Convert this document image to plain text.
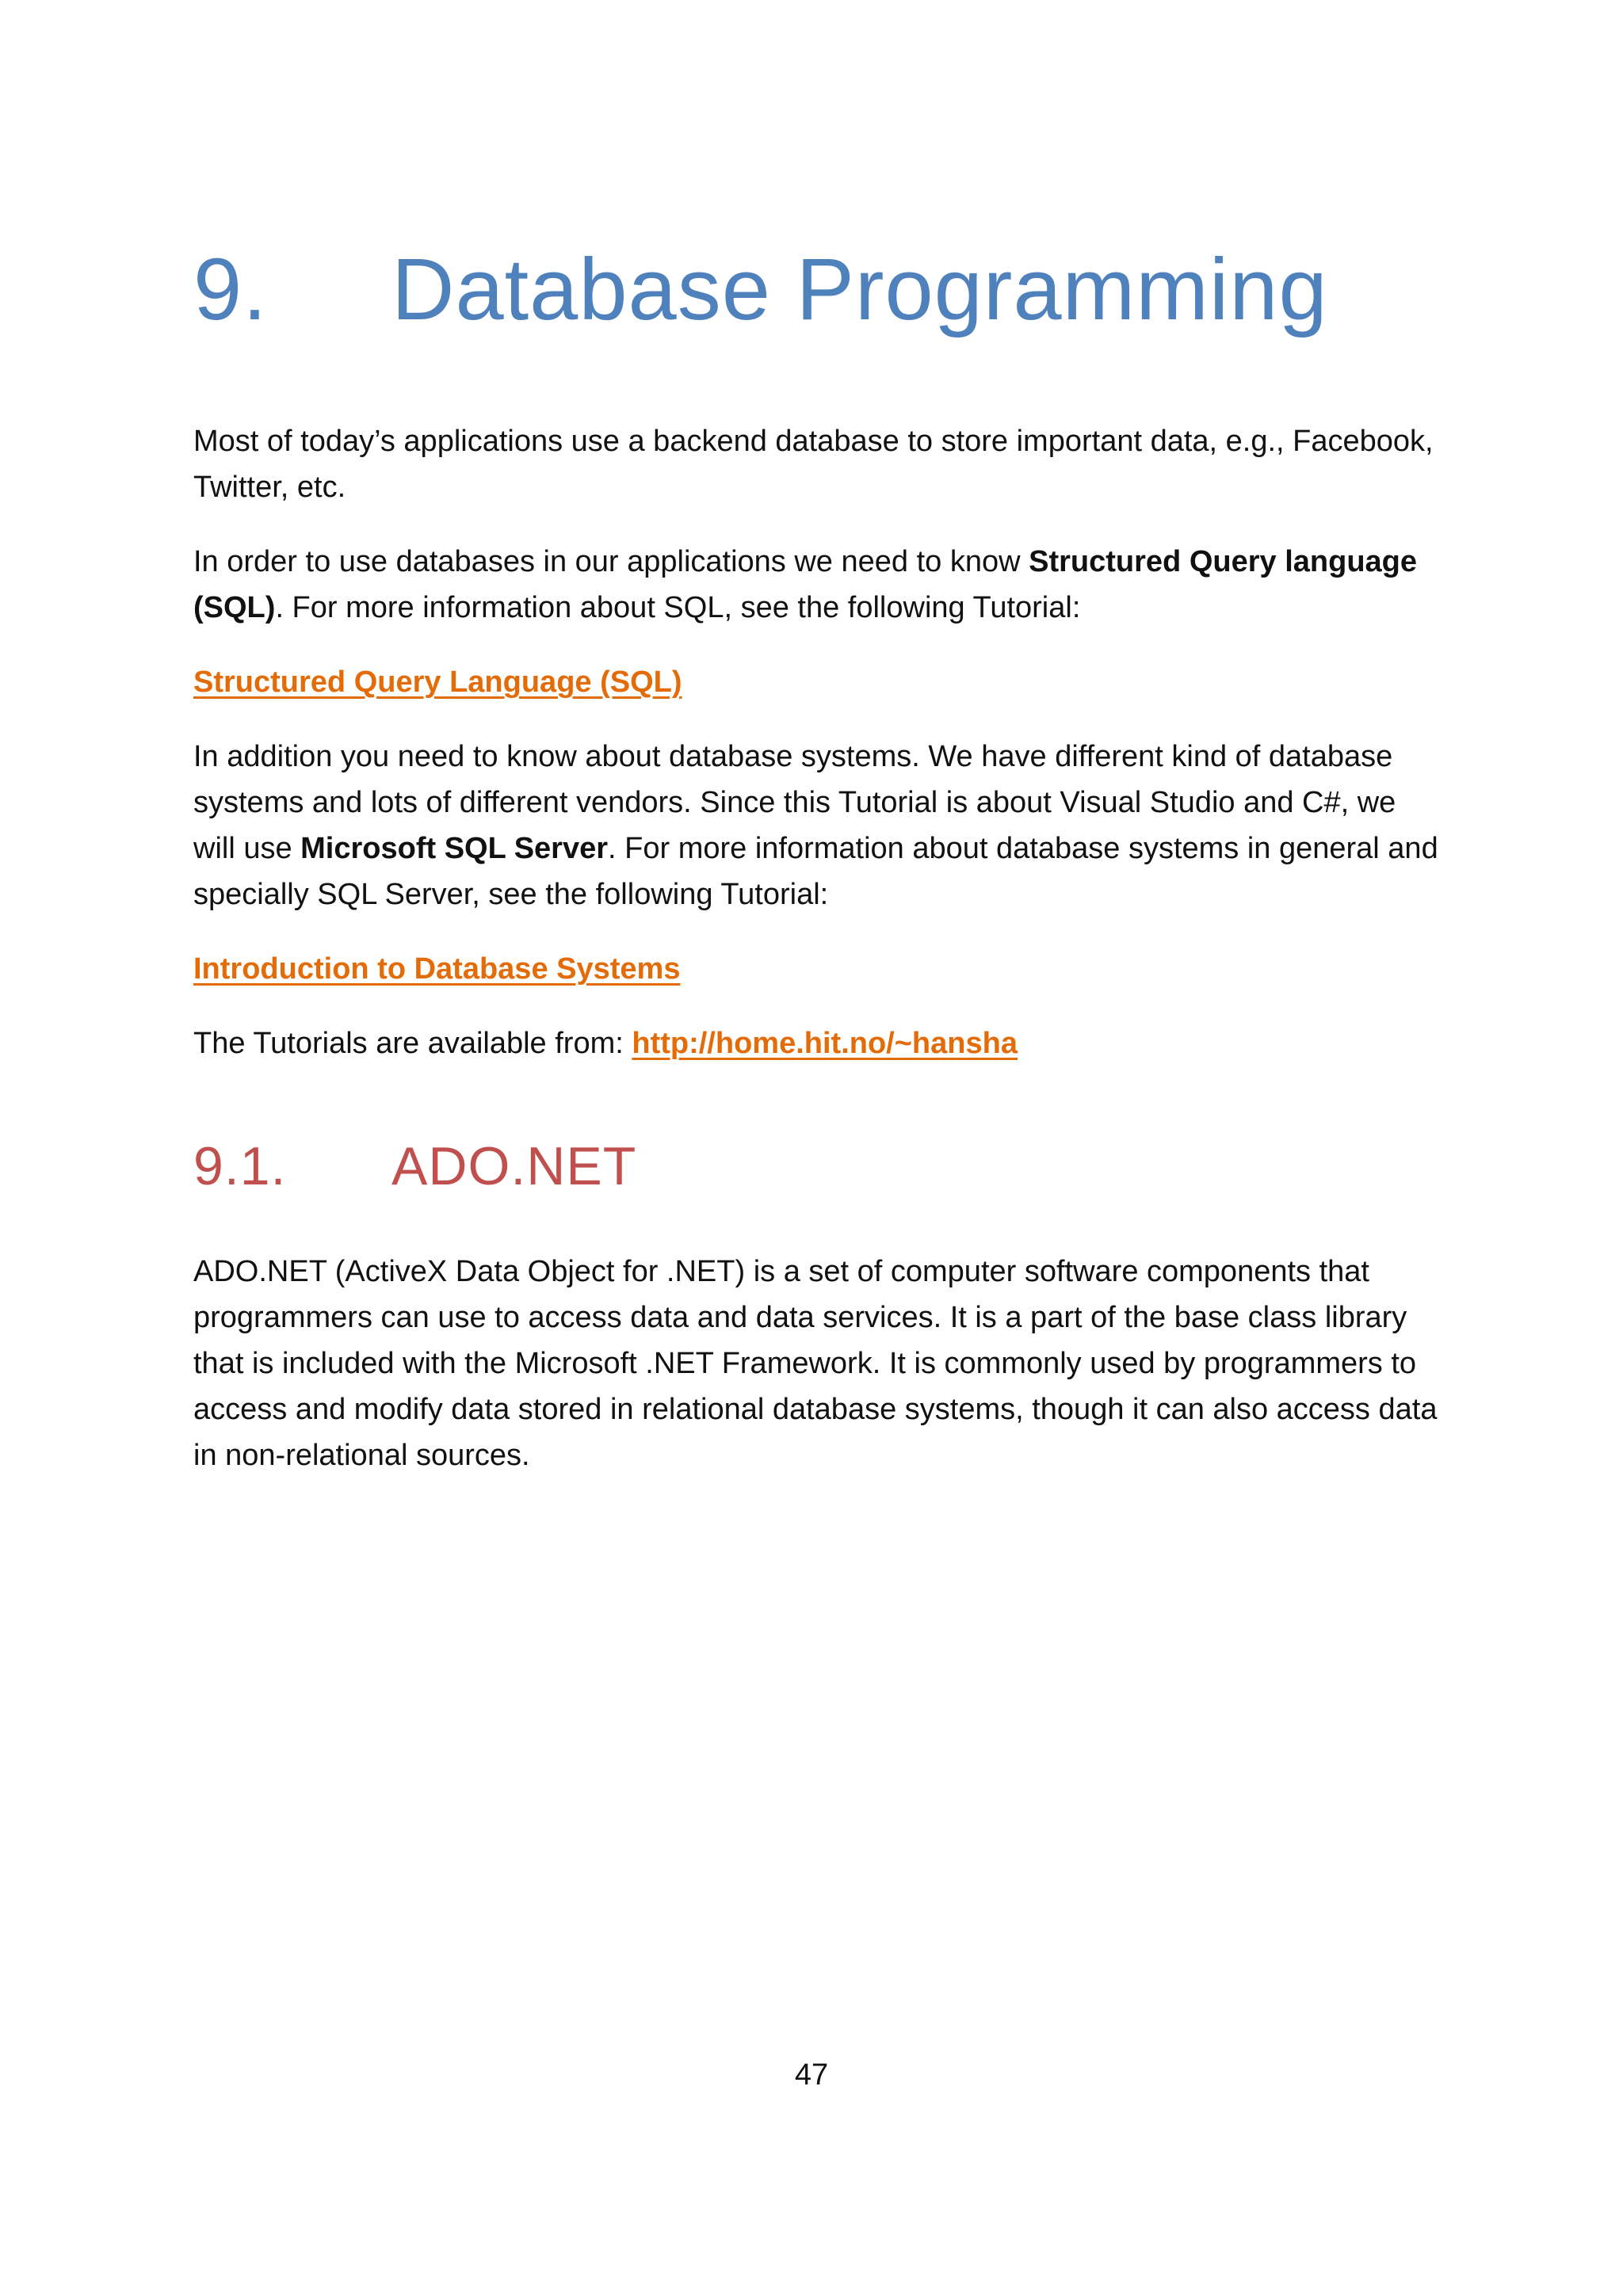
9.	Database Programming

Most of today’s applications use a backend database to store important data, e.g., Facebook, Twitter, etc.

In order to use databases in our applications we need to know Structured Query language (SQL). For more information about SQL, see the following Tutorial:

Structured Query Language (SQL)

In addition you need to know about database systems. We have different kind of database systems and lots of different vendors. Since this Tutorial is about Visual Studio and C#, we will use Microsoft SQL Server. For more information about database systems in general and specially SQL Server, see the following Tutorial:

Introduction to Database Systems

The Tutorials are available from: http://home.hit.no/~hansha

9.1.	ADO.NET

ADO.NET (ActiveX Data Object for .NET) is a set of computer software components that programmers can use to access data and data services. It is a part of the base class library that is included with the Microsoft .NET Framework. It is commonly used by programmers to access and modify data stored in relational database systems, though it can also access data in non-relational sources.

47
